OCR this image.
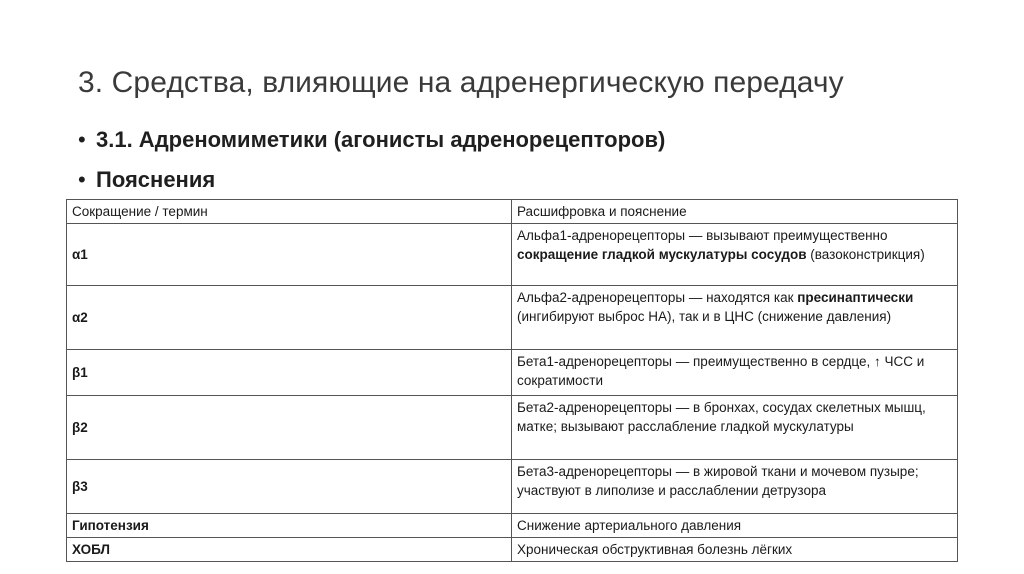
3. Средства, влияющие на адренергическую передачу
• 3.1. Адреномиметики (агонисты адренорецепторов)
• Пояснения
Сокращение / термин	Расшифровка и пояснение
α1	Альфа1-адренорецепторы — вызывают преимущественно сокращение гладкой мускулатуры сосудов (вазоконстрикция)
α2	Альфа2-адренорецепторы — находятся как пресинаптически (ингибируют выброс НА), так и в ЦНС (снижение давления)
β1	Бета1-адренорецепторы — преимущественно в сердце, ↑ ЧСС и сократимости
β2	Бета2-адренорецепторы — в бронхах, сосудах скелетных мышц, матке; вызывают расслабление гладкой мускулатуры
β3	Бета3-адренорецепторы — в жировой ткани и мочевом пузыре; участвуют в липолизе и расслаблении детрузора
Гипотензия	Снижение артериального давления
ХОБЛ	Хроническая обструктивная болезнь лёгких
